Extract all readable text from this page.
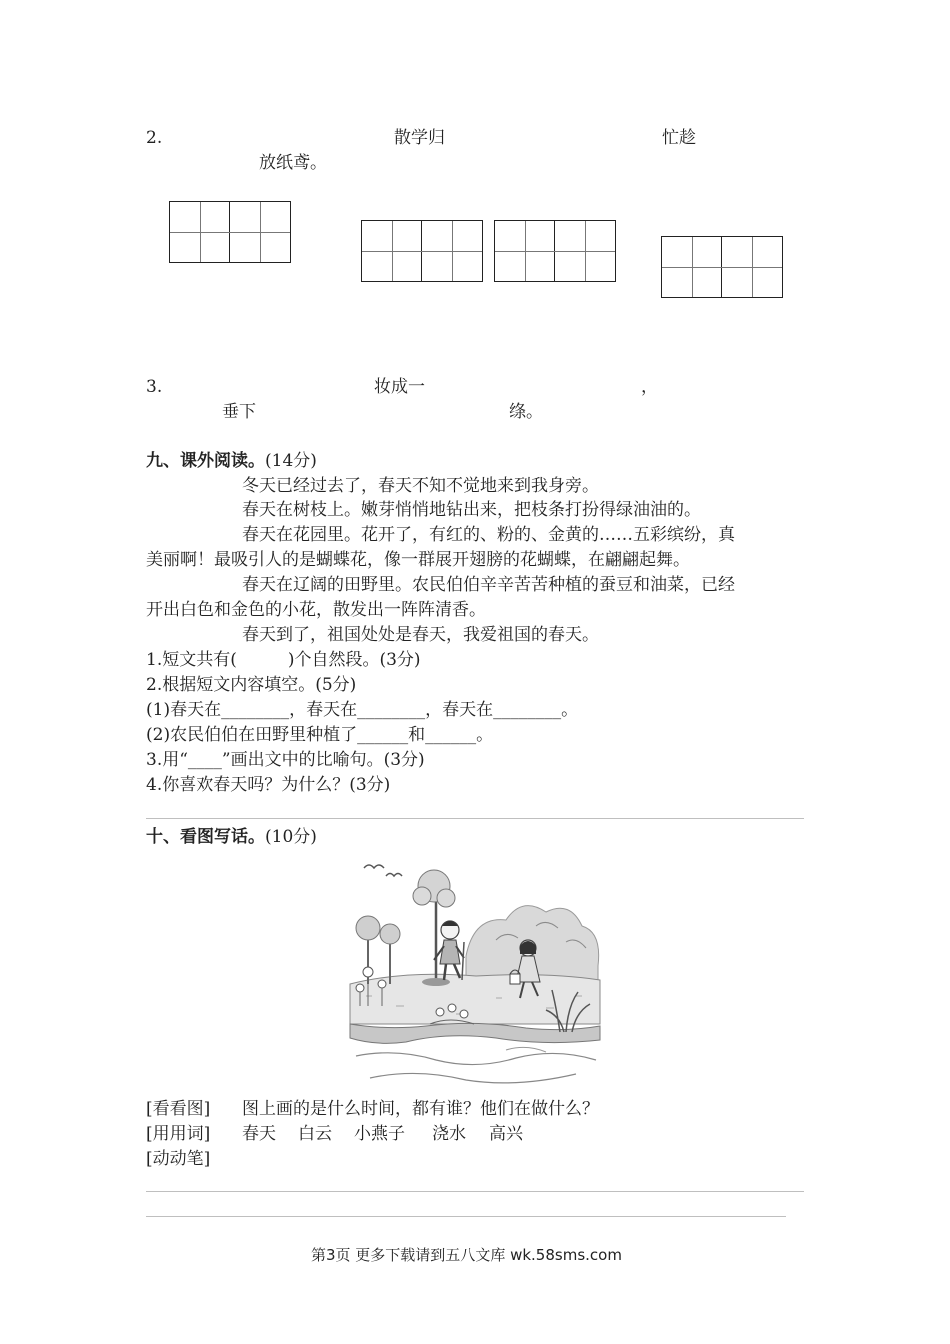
2.	散学归	忙趁
放纸鸢。
3.	妆成一	，
垂下	绦。
九、课外阅读。(14分)
冬天已经过去了，春天不知不觉地来到我身旁。
春天在树枝上。嫩芽悄悄地钻出来，把枝条打扮得绿油油的。
春天在花园里。花开了，有红的、粉的、金黄的……五彩缤纷，真
美丽啊！最吸引人的是蝴蝶花，像一群展开翅膀的花蝴蝶，在翩翩起舞。
春天在辽阔的田野里。农民伯伯辛辛苦苦种植的蚕豆和油菜，已经
开出白色和金色的小花，散发出一阵阵清香。
春天到了，祖国处处是春天，我爱祖国的春天。
1.短文共有(　　　)个自然段。(3分)
2.根据短文内容填空。(5分)
(1)春天在________，春天在________，春天在________。
(2)农民伯伯在田野里种植了______和______。
3.用“____”画出文中的比喻句。(3分)
4.你喜欢春天吗？为什么？(3分)
十、看图写话。(10分)
[看看图] 图上画的是什么时间，都有谁？他们在做什么？
[用用词] 春天 白云 小燕子 浇水 高兴
[动动笔]
第3页 更多下载请到五八文库 wk.58sms.com
